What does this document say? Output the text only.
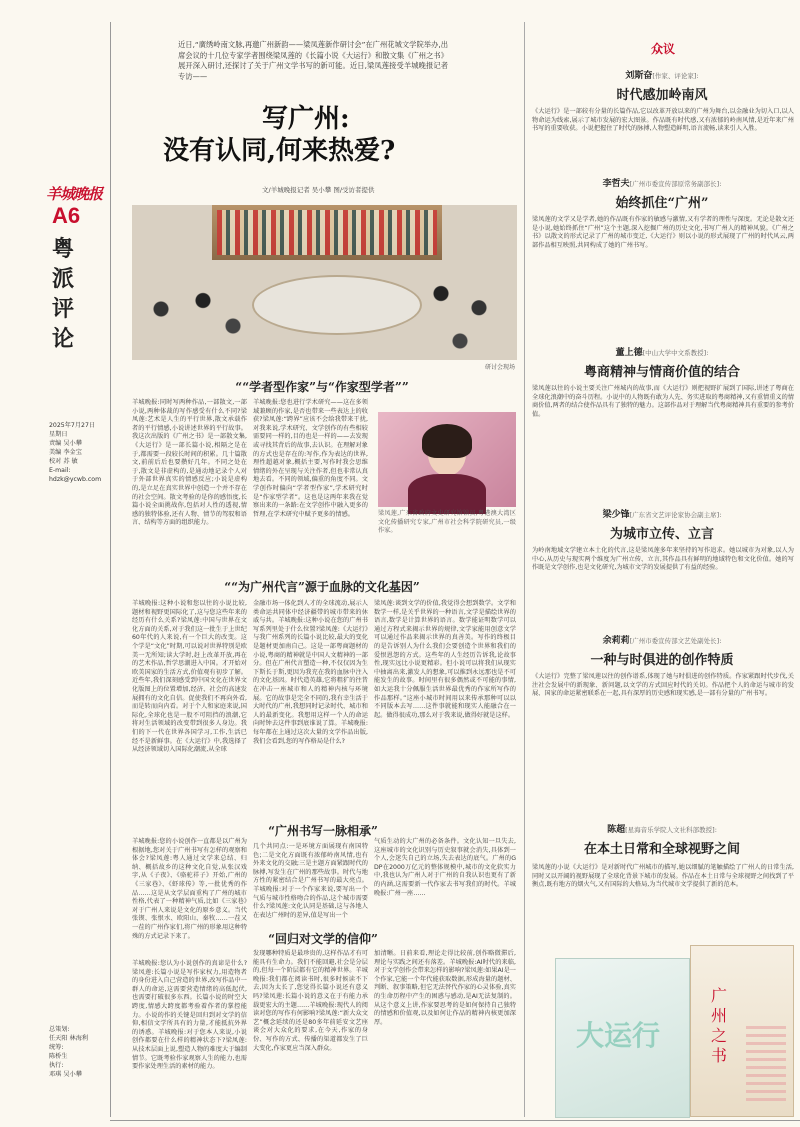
羊城晚报
A6
粤派评论
2025年7月27日
星期日
责编 吴小攀
美编 李金宝
校对 苏 敏
E-mail:
hdzk@ycwb.com
总策划:
任天阳 林海利
统筹:
陈桥生
执行:
邓琪 吴小攀
近日,“廣绣岭南文脉,再邀广州新韵——梁凤莲新作研讨会”在广州花城文学院举办,出席会议的十几位专家学者围绕梁凤莲的《长篇小说《大运行》和散文集《广州之书》展开深入研讨,还探讨了关于广州文学书写的新可能。近日,梁凤莲接受羊城晚报记者专访——
写广州:
没有认同,何来热爱?
文/羊城晚报记者 吴小攀 图/受访者提供
研讨会现场
“ “学者型作家”与“作家型学者” ”
羊城晚报:同时写两种作品,一部散文,一部小说,两种体裁的写作感受有什么不同?梁凤莲:艺术是人生的平行世界,散文承载作者的平行情感,小说讲述世界的平行故事。我这次出版的《广州之书》是一部散文集,《大运行》是一部长篇小说,相隔之是在于,都需要一段较长时间的积累。几十篇散文,前前后后也要攒好几年。不同之处在于,散文是非虚构的,是通动地记录个人对于外部世界真实的情感反应;小说是虚构的,是立足在真实世界中创造一个并不存在的社会空间。散文考验的是你的感悟度,长篇小说全面挑战你,包括对人性的透视,情感的独特体验,还有人物、情节的驾驭和语言、结构等方面的组织能力。
羊城晚报:您也进行学术研究——这在多领域兼顾的作家,是否也带来一些表达上的收获?梁凤莲:“跨界”应该不会给我带来干扰,对我来说,学术研究、文学创作的有些相较需要同一样的,目的也是一样的——去发现或寻找其背后的故事,去认识。在理解对象的方式也是存在的:写作,作为表达的世界,理性超越对象,概括主要,写作时我会思维情绪的外在呈现与关注作者,但也非常认真地去看。不同的领域,偏重的角度不同。文学创作时偏向“学者型作家”,学术研究时是“作家型学者”。这也是这两年来我在觉察出来的一条路:在文学创作中融入更多的哲理,在学术研究中赋予更多的情感。	梁凤莲,广东省政府文史研究馆馆员,粤港澳大湾区文化传播研究专家,广州市社会科学院研究员,一级作家。
“ “为广州代言”源于血脉的文化基因 ”
羊城晚报:这种小说和您以往的小说比较,题材和视野更国际化了,这与您这些年来的经历有什么关系?梁凤莲:中国与世界在文化方面的关系,对于我们这一批生于上世纪60年代的人来说,有一个巨大的改变。这个学是“文化”时期,可以说对世界特别是欧美一无所知;读大学时,赶上改革开放,再在的艺术作品,哲学思潮进入中国。才开始对欧美国家的生活方式,价值观有初步了解。近些年,我们深刻感受到中国文化在世界文化版图上的位置增加,经济、社会的高速发展拥有的文化自信。促使我们不再向外看,而是转而向内看。对于个人和家庭来说,国际化,全球化也是一股不可阻挡的浪潮,它将对生活领域的改变带到很多人身边。我们的下一代在世界各国学习,工作,生活已经不是新鲜事。在《大运行》中,我选择了从经济领域切入国际化潮流,从全球
金融市场一体化到人才的全球流动,展示人类命运共同体中经济疆带的城市带来的休戚与共。羊城晚报:这种小说在您的广州书写系列里处于什么位置?梁凤莲:《大运行》与我广州系列的长篇小说比较,最大的变化是题材更加南自己。这是一部粤商题材的小说,粤商的精神就是中国人文精神的一部分。但在广州代言塑造一种,不仅仅因为生下斯长于斯,更因为我充在我的血脉中注入的文化基因。时代造英雄,它将粗犷的往昔在冲击一座城市和人的精神内核与环境展。它的故事是完全不同的,我有幸生活于大时代的广州,我想同时记录时代、城市和人的最新变化。我想用这样一个人的命运向时钟去这件事到底谁说了算。羊城晚报:每年都在上通过这次大量的文学作品出版,我们会看到,您的写作格局是什么?
梁凤莲:谈到文学的价值,我觉得会想到数学。文学和数学一样,是关乎世界的一种语言,文学是描绘世界的语言,数学是计算世界的语言。数学能证明数学可以通过方程式来揭示世界的规律,文学家能用创意文学可以通过作品来揭示世界的真善美。写作的终极目的是告诉别人为什么我们会要创造个世界和我们的爱恨恩怨的方式。这些年的人生经历告诉我,论故事性,现实远比小说更精彩。但小说可以将我们从现实中抽离出来,激发人的想象,可以推到永远那也是不可能发生的故事。时间里有很多偶然或不可能的事情,如大运我十分佩服生活世界最优秀的作家所写作的作品那样。”这座小城市时间用以来传承那种可以以不同版本去写……这件事就能和现实人能融合在一起。做得很成功,那么对于我来说,做得好就是这样。
“ 广州书写一脉相承 ”
羊城晚报:您的小说创作一直都是以广州为根据地,您对关于广州书写有怎样的观察和体会?梁凤莲:粤人通过文学来总结、归纳、概括故乡的这种文化自觉,从张汉戏字,从《子夜》、《骆驼祥子》开始,广州的《三家巷》、《虾球传》等,一批优秀的作品……这是从文学层面重构了广州的城市性格,代表了一种精神气质,比如《三家巷》对于广州人来说是文化的原乡意义。当代张锲、张恨水、欧阳山、秦牧……一茬又一茬的广州作家们,将广州的形象用这种特殊的方式记录下来了。
几个共同点:一是环境方面展现有南国特色;二是文化方面既有浓郁岭南风情,也有外来文化的交融;三是主题方面紧跟时代的脉搏,写发生在广州的那些故事。时代与地方性的紧密结合是广州书写的最大亮点。羊城晚报:对于一个作家来说,要写出一个气质与城市性格吻合的作品,这个城市需要什么?梁凤莲:文化认同是基础,这与各地人在表达广州时的差异,值是写出一个
气质生动的大广州的必备条件。文化认知一旦失去,这座城市的文化识别与历史叙事就会消失,具体到一个人,会迷失自己的立场,失去表达的底气。广州的GDP在2000万亿元的整体规模中,城市的文化软实力中,我也认为广州人对于广州的自我认识也更有了新的内涵,这需要新一代作家去书写我们的时代。羊城晚报:广州一座……
“ 回归对文学的信仰 ”
羊城晚报:您认为小说创作的真谛是什么?梁凤莲:长篇小说是写作家权力,用造物者的身份进入自己营造的世界,改写作品中一群人的命运,这需要营造情绪的高低起伏,也需要打破很多东西。长篇小说的时空大跨度,情感大跨度都考验着作者的掌控能力。小说的作的关键是回归到对文学的信仰,相信文学所具有的力量,才能抵抗外界的诱惑。羊城晚报:对于您本人来说,小说创作都要在什么样的精神状态下?梁凤莲:从技术层面上说,塑造人物的难度大于编制情节。它既考验作家观察人生的能力,也需要作家处理生活的素材的能力。
发现哪种特质是最珍贵的,这样作品才有可能具有生命力。我们不能回避,社会是分层的,但每一个阶层都有它的精神世界。羊城晚报:我们都在阅读书时,很多时候读不下去,因为太长了,您觉得长篇小说还有意义吗?梁凤莲:长篇小说的意义在于有能力承载更宏大的主题……羊城晚报:现代人的阅读对您的写作有何影响?梁凤莲:“新大众文艺”概念延续的还是80多年前延安文艺座谈会对大众化的要求,在今天,作家的身份、写作的方式、传播的渠道都发生了巨大变化,作家更应当深入群众。
加清晰。日前来看,理论走得比较前,创作略微滞后,理论与实践之间还有落差。羊城晚报:AI时代的来临,对于文学创作会带来怎样的影响?梁凤莲:如果AI是一个作家,它能一个年代能获取数据,形成海量的题材、判断、叙事策略,但它无法替代作家的心灵体验,真实的生命历程中产生的困惑与感动,是AI无法复制的。从这个意义上讲,作家要思考的是如何保持自己独特的情感和价值观,以及如何让作品的精神内核更加深厚。
众议
刘斯奋[作家、评论家]:
时代感加岭南风
《大运行》是一部较有分量的长篇作品,它以改革开放以来的广州为舞台,以金融业为切入口,以人物命运为线索,展示了城市发展的宏大图景。作品既有时代感,又有浓郁的岭南风情,是近年来广州书写的重要收获。小说把握住了时代的脉搏,人物塑造鲜明,语言流畅,读来引人入胜。
李哲夫[广州市委宣传部原常务副部长]:
始终抓住“广州”
梁凤莲的文学又是学者,她的作品既有作家的敏感与激情,又有学者的理性与深度。无论是散文还是小说,她始终抓住“广州”这个主题,深入挖掘广州的历史文化,书写广州人的精神风貌。《广州之书》以散文的形式记录了广州的城市变迁,《大运行》则以小说的形式展现了广州的时代风云,两部作品相互映照,共同构成了她的广州书写。
董上德[中山大学中文系教授]:
粤商精神与情商价值的结合
梁凤莲以往的小说主要关注广州城内的故事,而《大运行》则把视野扩展到了国际,讲述了粤商在全球化浪潮中的奋斗历程。小说中的人物既有敢为人先、务实进取的粤商精神,又有重情重义的情商价值,两者的结合使作品具有了独特的魅力。这部作品对于理解当代粤商精神具有重要的参考价值。
梁少锋[广东省文艺评论家协会副主席]:
为城市立传、立言
为岭南地域文学建立本土化的代言,这是梁凤莲多年来坚持的写作追求。她以城市为对象,以人为中心,从历史与现实两个维度为广州立传、立言,其作品具有鲜明的地域特色和文化价值。她的写作既是文学创作,也是文化研究,为城市文学的发展提供了有益的经验。
余莉莉[广州市委宣传部文艺处副处长]:
一种与时俱进的创作特质
《大运行》完整了梁凤莲以往的创作谱系,体现了她与时俱进的创作特质。作家紧跟时代步伐,关注社会发展中的新现象、新问题,以文学的方式回应时代的关切。作品把个人的命运与城市的发展、国家的命运紧密联系在一起,具有深厚的历史感和现实感,是一部有分量的广州书写。
陈超[星海音乐学院人文社科部教授]:
在本土日常和全球视野之间
梁凤莲的小说《大运行》是对新时代广州城市的描写,她以细腻的笔触描绘了广州人的日常生活,同时又以开阔的视野展现了全球化背景下城市的发展。作品在本土日常与全球视野之间找到了平衡点,既有地方的烟火气,又有国际的大格局,为当代城市文学提供了新的范本。
大运行
广州之书
